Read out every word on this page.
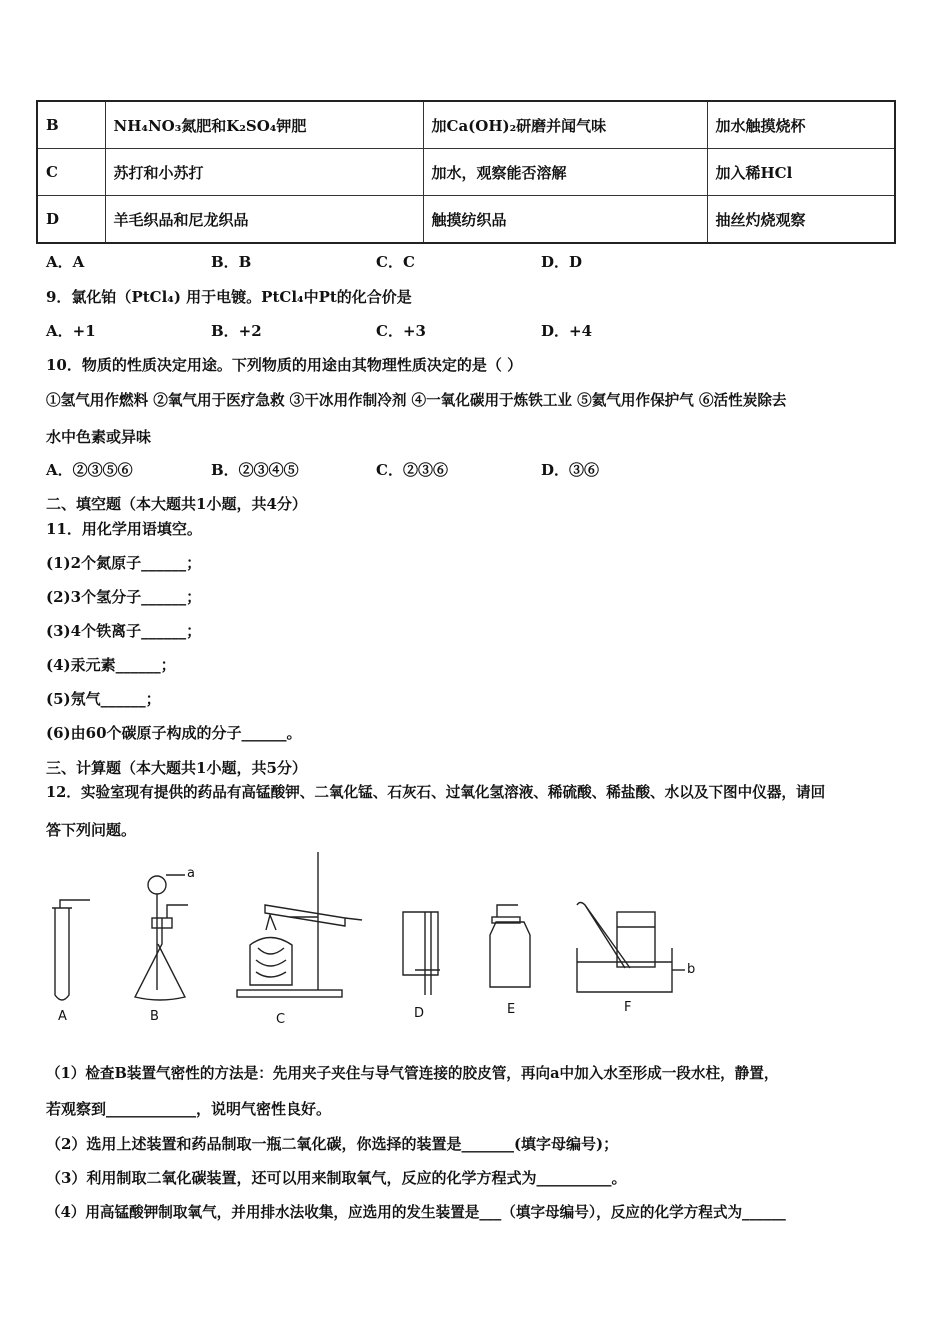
B	NH₄NO₃氮肥和K₂SO₄钾肥	加Ca(OH)₂研磨并闻气味	加水触摸烧杯
C	苏打和小苏打	加水，观察能否溶解	加入稀HCl
D	羊毛织品和尼龙织品	触摸纺织品	抽丝灼烧观察
A．A	B．B	C．C	D．D
9．氯化铂（PtCl₄) 用于电镀。PtCl₄中Pt的化合价是
A．+1	B．+2	C．+3	D．+4
10．物质的性质决定用途。下列物质的用途由其物理性质决定的是（ ）
①氢气用作燃料 ②氧气用于医疗急救 ③干冰用作制冷剂 ④一氧化碳用于炼铁工业 ⑤氦气用作保护气 ⑥活性炭除去
水中色素或异味
A．②③⑤⑥	B．②③④⑤	C．②③⑥	D．③⑥
二、填空题（本大题共1小题，共4分）
11．用化学用语填空。
(1)2个氮原子______；
(2)3个氢分子______；
(3)4个铁离子______；
(4)汞元素______；
(5)氖气______；
(6)由60个碳原子构成的分子______。
三、计算题（本大题共1小题，共5分）
12．实验室现有提供的药品有高锰酸钾、二氧化锰、石灰石、过氧化氢溶液、稀硫酸、稀盐酸、水以及下图中仪器，请回
答下列问题。
A	B	C	D	E	F
a
b
（1）检查B装置气密性的方法是：先用夹子夹住与导气管连接的胶皮管，再向a中加入水至形成一段水柱，静置，
若观察到____________，说明气密性良好。
（2）选用上述装置和药品制取一瓶二氧化碳，你选择的装置是_______(填字母编号)；
（3）利用制取二氧化碳装置，还可以用来制取氧气，反应的化学方程式为__________。
（4）用高锰酸钾制取氧气，并用排水法收集，应选用的发生装置是___（填字母编号），反应的化学方程式为______
